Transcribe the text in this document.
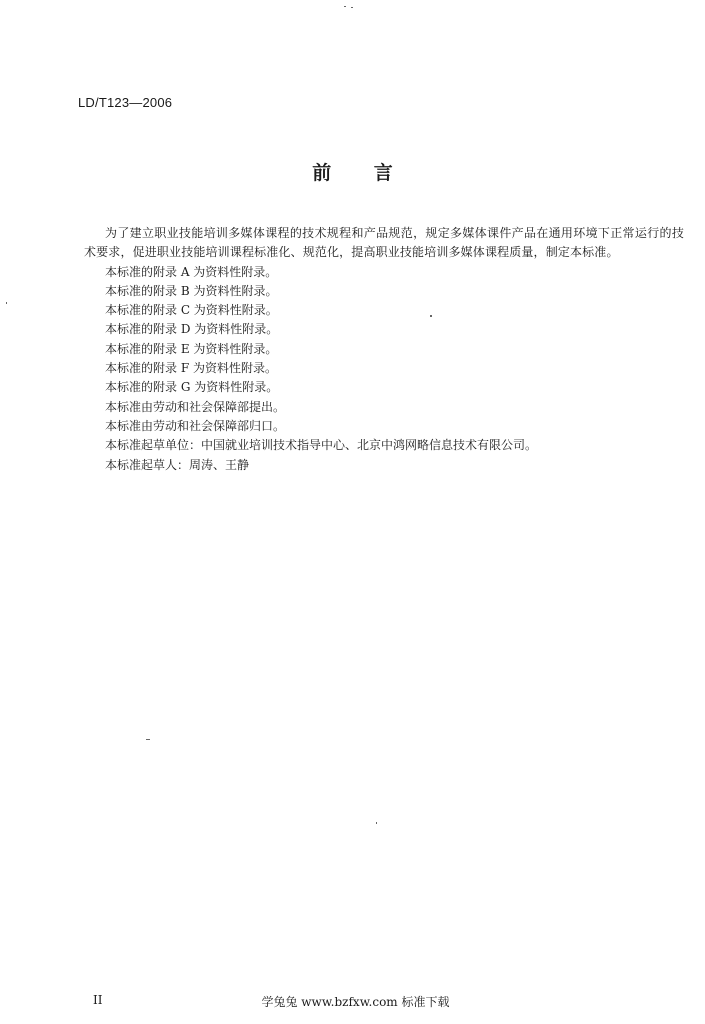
LD/T123—2006
前 言

为了建立职业技能培训多媒体课程的技术规程和产品规范，规定多媒体课件产品在通用环境下正常运行的技术要求，促进职业技能培训课程标准化、规范化，提高职业技能培训多媒体课程质量，制定本标准。

本标准的附录 A 为资料性附录。

本标准的附录 B 为资料性附录。

本标准的附录 C 为资料性附录。

本标准的附录 D 为资料性附录。

本标准的附录 E 为资料性附录。

本标准的附录 F 为资料性附录。

本标准的附录 G 为资料性附录。

本标准由劳动和社会保障部提出。

本标准由劳动和社会保障部归口。

本标准起草单位：中国就业培训技术指导中心、北京中鸿网略信息技术有限公司。

本标准起草人：周涛、王静

II	学兔兔 www.bzfxw.com 标准下载
